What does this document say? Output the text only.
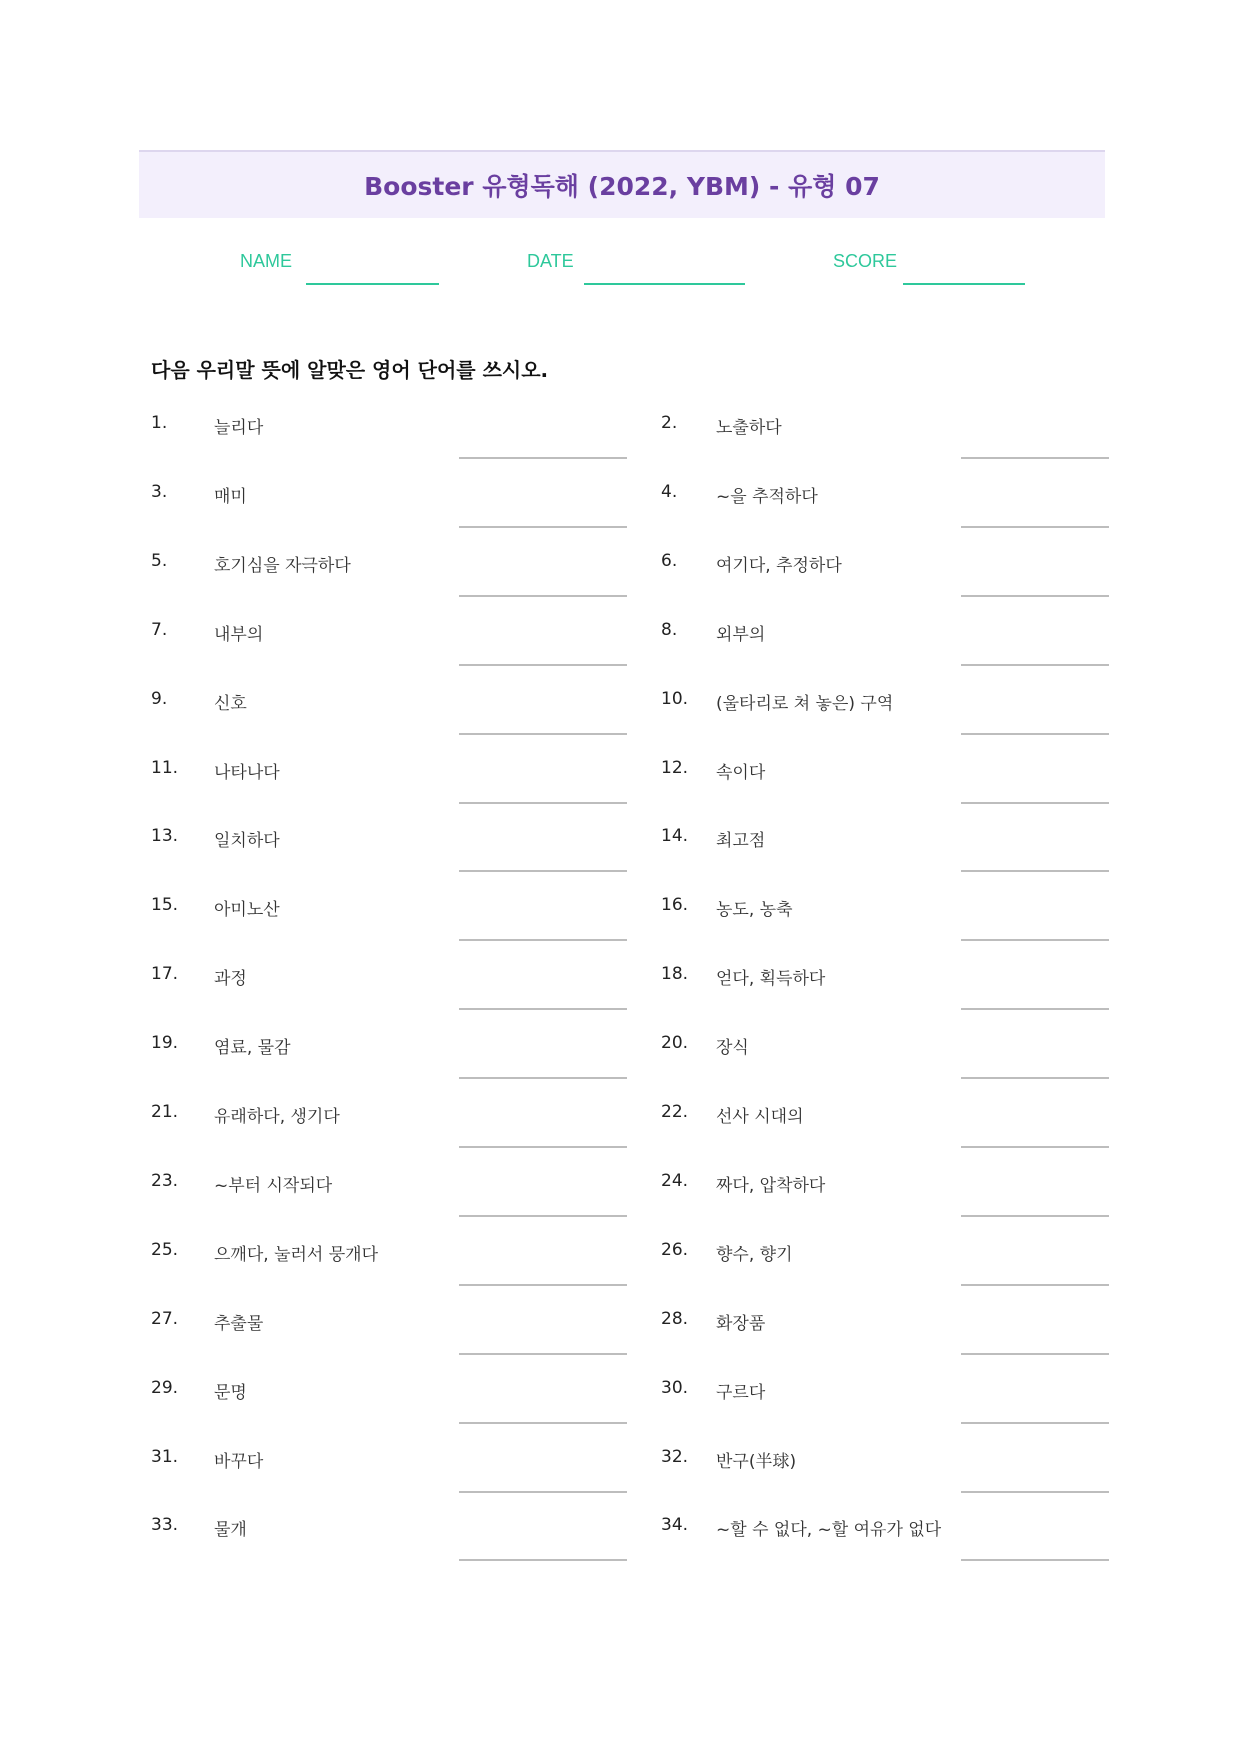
Booster 유형독해 (2022, YBM) - 유형 07
NAME	DATE	SCORE
다음 우리말 뜻에 알맞은 영어 단어를 쓰시오.
1.	늘리다	2. 노출하다
3.	매미	4. ~을 추적하다
5.	호기심을 자극하다	6. 여기다, 추정하다
7.	내부의	8. 외부의
9.	신호	10. (울타리로 쳐 놓은) 구역
11. 나타나다	12. 속이다
13. 일치하다	14. 최고점
15. 아미노산	16. 농도, 농축
17. 과정	18. 얻다, 획득하다
19. 염료, 물감	20. 장식
21. 유래하다, 생기다	22. 선사 시대의
23. ~부터 시작되다	24. 짜다, 압착하다
25. 으깨다, 눌러서 뭉개다	26. 향수, 향기
27. 추출물	28. 화장품
29. 문명	30. 구르다
31. 바꾸다	32. 반구(半球)
33. 물개	34. ~할 수 없다, ~할 여유가 없다
